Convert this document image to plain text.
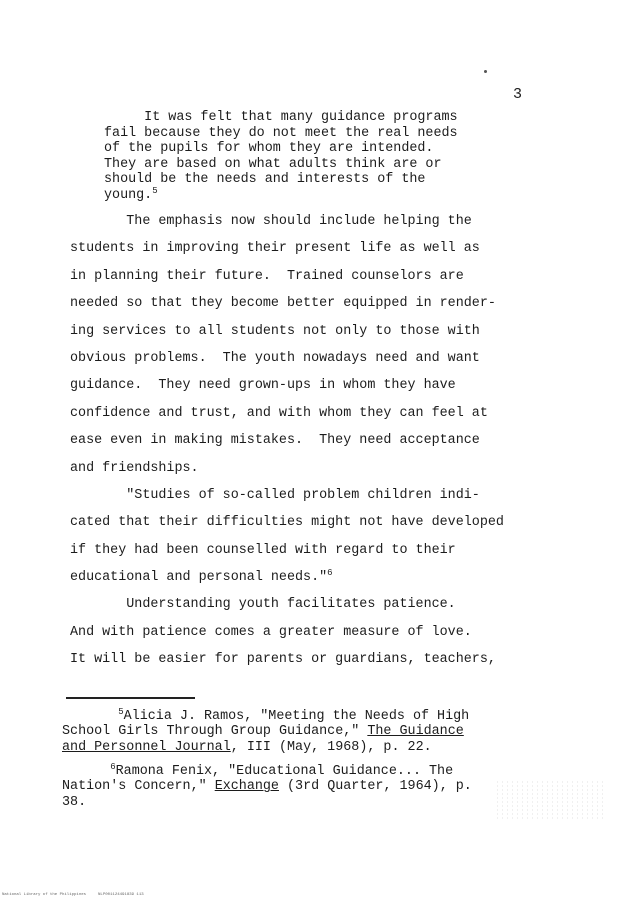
3
It was felt that many guidance programs
fail because they do not meet the real needs
of the pupils for whom they are intended.
They are based on what adults think are or
should be the needs and interests of the
young.$^5$
The emphasis now should include helping the
students in improving their present life as well as
in planning their future.  Trained counselors are
needed so that they become better equipped in render-
ing services to all students not only to those with
obvious problems.  The youth nowadays need and want
guidance.  They need grown-ups in whom they have
confidence and trust, and with whom they can feel at
ease even in making mistakes.  They need acceptance
and friendships.
"Studies of so-called problem children indi-
cated that their difficulties might not have developed
if they had been counselled with regard to their
educational and personal needs."$^6$
Understanding youth facilitates patience.
And with patience comes a greater measure of love.
It will be easier for parents or guardians, teachers,
$^5$Alicia J. Ramos, "Meeting the Needs of High
School Girls Through Group Guidance," The Guidance
and Personnel Journal, III (May, 1968), p. 22.
$^6$Ramona Fenix, "Educational Guidance... The
Nation's Concern," Exchange (3rd Quarter, 1964), p.
38.
National Library of the Philippines     NLP001124491839 113
